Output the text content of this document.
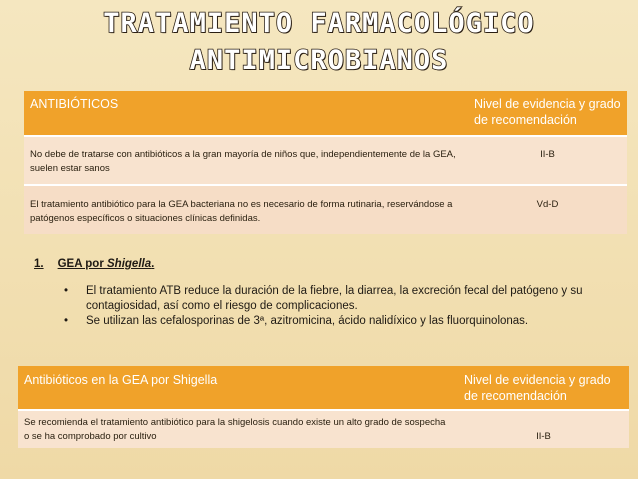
TRATAMIENTO FARMACOLÓGICO
ANTIMICROBIANOS
ANTIBIÓTICOS	Nivel de evidencia y grado de recomendación
No debe de tratarse con antibióticos a la gran mayoría de niños que, independientemente de la GEA, suelen estar sanos	II-B
El tratamiento antibiótico para la GEA bacteriana no es necesario de forma rutinaria, reservándose a patógenos específicos o situaciones clínicas definidas.	Vd-D
1. GEA por Shigella.
•	El tratamiento ATB reduce la duración de la fiebre, la diarrea, la excreción fecal del patógeno y su contagiosidad, así como el riesgo de complicaciones.
•	Se utilizan las cefalosporinas de 3ª, azitromicina, ácido nalidíxico y las fluorquinolonas.
Antibióticos en la GEA por Shigella	Nivel de evidencia y grado de recomendación
Se recomienda el tratamiento antibiótico para la shigelosis cuando existe un alto grado de sospecha o se ha comprobado por cultivo	II-B
